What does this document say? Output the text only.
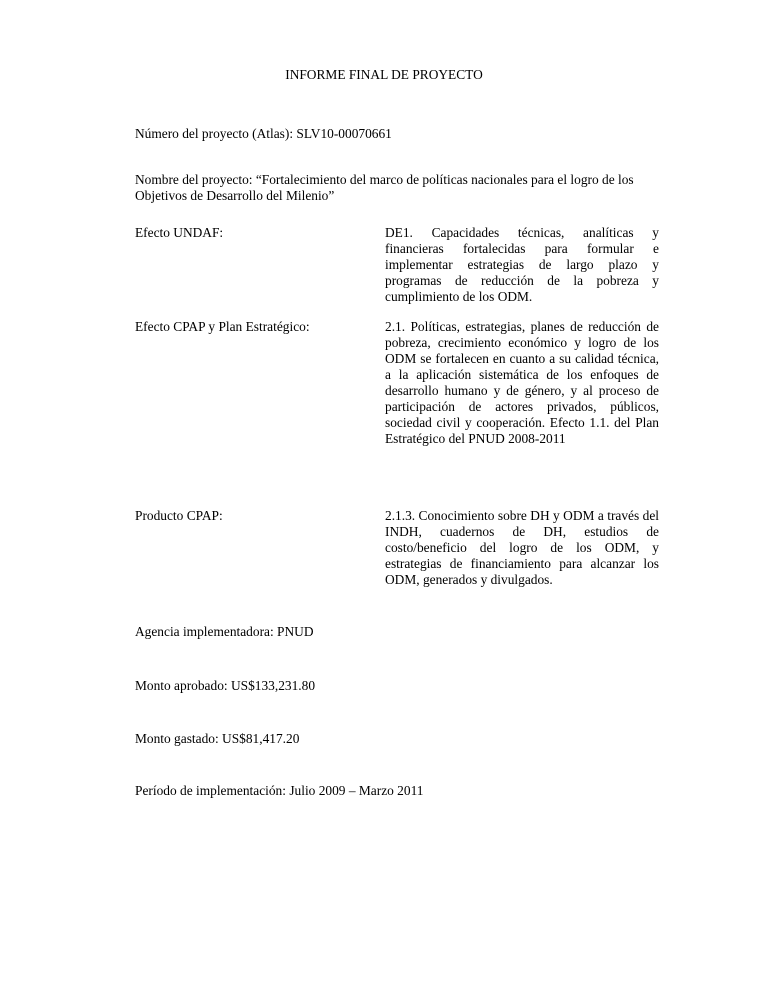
INFORME FINAL DE PROYECTO
Número del proyecto (Atlas): SLV10-00070661
Nombre del proyecto: “Fortalecimiento del marco de políticas nacionales para el logro de los Objetivos de Desarrollo del Milenio”
Efecto UNDAF:	DE1. Capacidades técnicas, analíticas y financieras fortalecidas para formular e implementar estrategias de largo plazo y programas de reducción de la pobreza y cumplimiento de los ODM.
Efecto CPAP y Plan Estratégico:	2.1. Políticas, estrategias, planes de reducción de pobreza, crecimiento económico y logro de los ODM se fortalecen en cuanto a su calidad técnica, a la aplicación sistemática de los enfoques de desarrollo humano y de género, y al proceso de participación de actores privados, públicos, sociedad civil y cooperación. Efecto 1.1. del Plan Estratégico del PNUD 2008-2011
Producto CPAP:	2.1.3. Conocimiento sobre DH y ODM a través del INDH, cuadernos de DH, estudios de costo/beneficio del logro de los ODM, y estrategias de financiamiento para alcanzar los ODM, generados y divulgados.
Agencia implementadora: PNUD
Monto aprobado: US$133,231.80
Monto gastado: US$81,417.20
Período de implementación: Julio 2009 – Marzo 2011
